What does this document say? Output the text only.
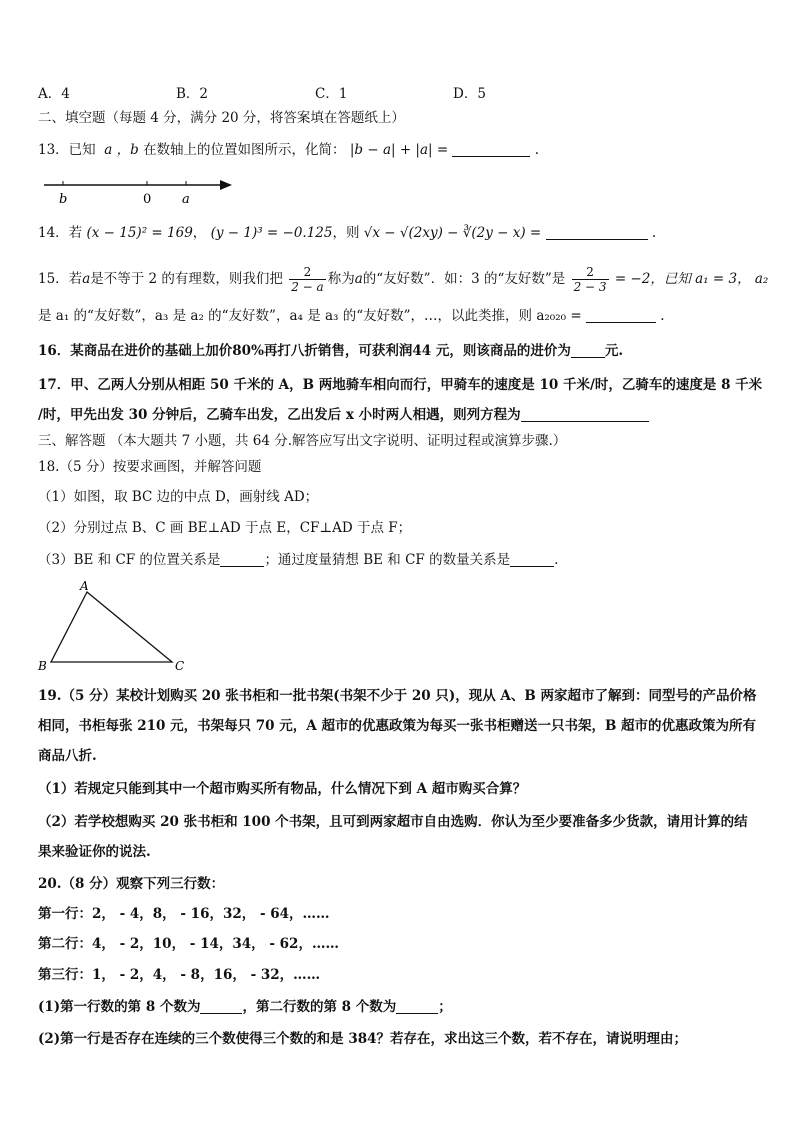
A．4	B．2	C．1	D．5
二、填空题（每题 4 分，满分 20 分，将答案填在答题纸上）
13．已知  a ，b 在数轴上的位置如图所示，化简： |b − a| + |a| =	.
b	0 a
14．若 (x − 15)² = 169， (y − 1)³ = −0.125，则 √x − √(2xy) − ∛(2y − x) =	.
15．若a是不等于 2 的有理数，则我们把 $\frac{2}{2 - a}$ 称为a的“友好数”．如：3 的“友好数”是 $\frac{2}{2 - 3} = -2$，已知 a₁ = 3， a₂
是 a₁ 的“友好数”，a₃ 是 a₂ 的“友好数”，a₄ 是 a₃ 的“友好数”，…，以此类推，则 a₂₀₂₀ =	.
16．某商品在进价的基础上加价80%再打八折销售，可获利润44 元，则该商品的进价为	元.
17．甲、乙两人分别从相距 50 千米的 A，B 两地骑车相向而行，甲骑车的速度是 10 千米/时，乙骑车的速度是 8 千米
/时，甲先出发 30 分钟后，乙骑车出发，乙出发后 x 小时两人相遇，则列方程为
三、解答题 （本大题共 7 小题，共 64 分.解答应写出文字说明、证明过程或演算步骤.）
18.（5 分）按要求画图，并解答问题
（1）如图，取 BC 边的中点 D，画射线 AD；
（2）分别过点 B、C 画 BE⊥AD 于点 E，CF⊥AD 于点 F；
（3）BE 和 CF 的位置关系是	；通过度量猜想 BE 和 CF 的数量关系是	.
A
B	C
19.（5 分）某校计划购买 20 张书柜和一批书架(书架不少于 20 只)，现从 A、B 两家超市了解到：同型号的产品价格
相同，书柜每张 210 元，书架每只 70 元，A 超市的优惠政策为每买一张书柜赠送一只书架，B 超市的优惠政策为所有
商品八折.
（1）若规定只能到其中一个超市购买所有物品，什么情况下到 A 超市购买合算？
（2）若学校想购买 20 张书柜和 100 个书架，且可到两家超市自由选购．你认为至少要准备多少货款，请用计算的结
果来验证你的说法.
20.（8 分）观察下列三行数：
第一行：2， - 4，8， - 16，32， - 64，……
第二行：4， - 2，10， - 14，34， - 62，……
第三行：1， - 2，4， - 8，16， - 32，……
(1)第一行数的第 8 个数为	，第二行数的第 8 个数为	；
(2)第一行是否存在连续的三个数使得三个数的和是 384？若存在，求出这三个数，若不存在，请说明理由；
